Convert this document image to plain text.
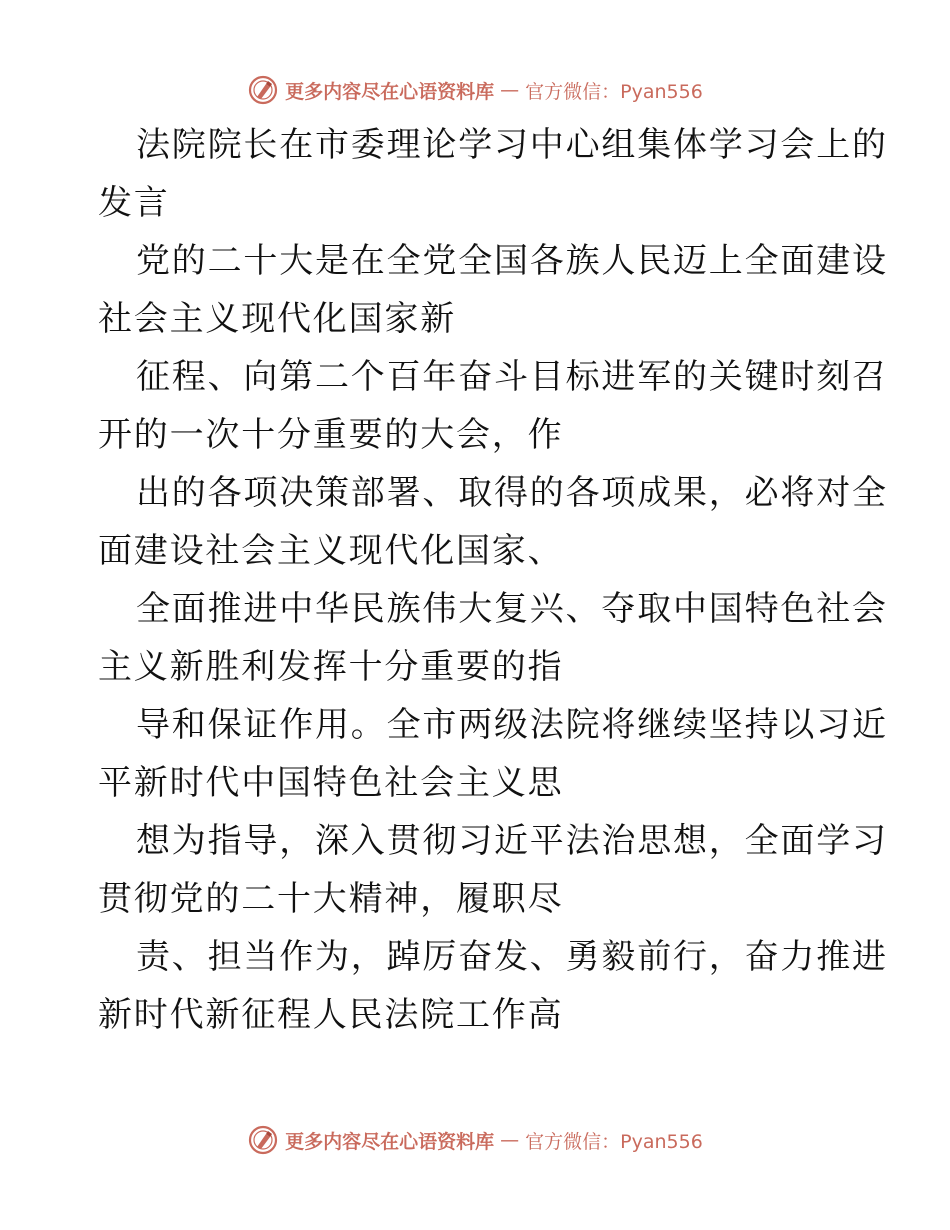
更多内容尽在心语资料库 — 官方微信：Pyan556

法院院长在市委理论学习中心组集体学习会上的
发言

党的二十大是在全党全国各族人民迈上全面建设
社会主义现代化国家新

征程、向第二个百年奋斗目标进军的关键时刻召
开的一次十分重要的大会，作

出的各项决策部署、取得的各项成果，必将对全
面建设社会主义现代化国家、

全面推进中华民族伟大复兴、夺取中国特色社会
主义新胜利发挥十分重要的指

导和保证作用。全市两级法院将继续坚持以习近
平新时代中国特色社会主义思

想为指导，深入贯彻习近平法治思想，全面学习
贯彻党的二十大精神，履职尽

责、担当作为，踔厉奋发、勇毅前行，奋力推进
新时代新征程人民法院工作高

更多内容尽在心语资料库 — 官方微信：Pyan556
